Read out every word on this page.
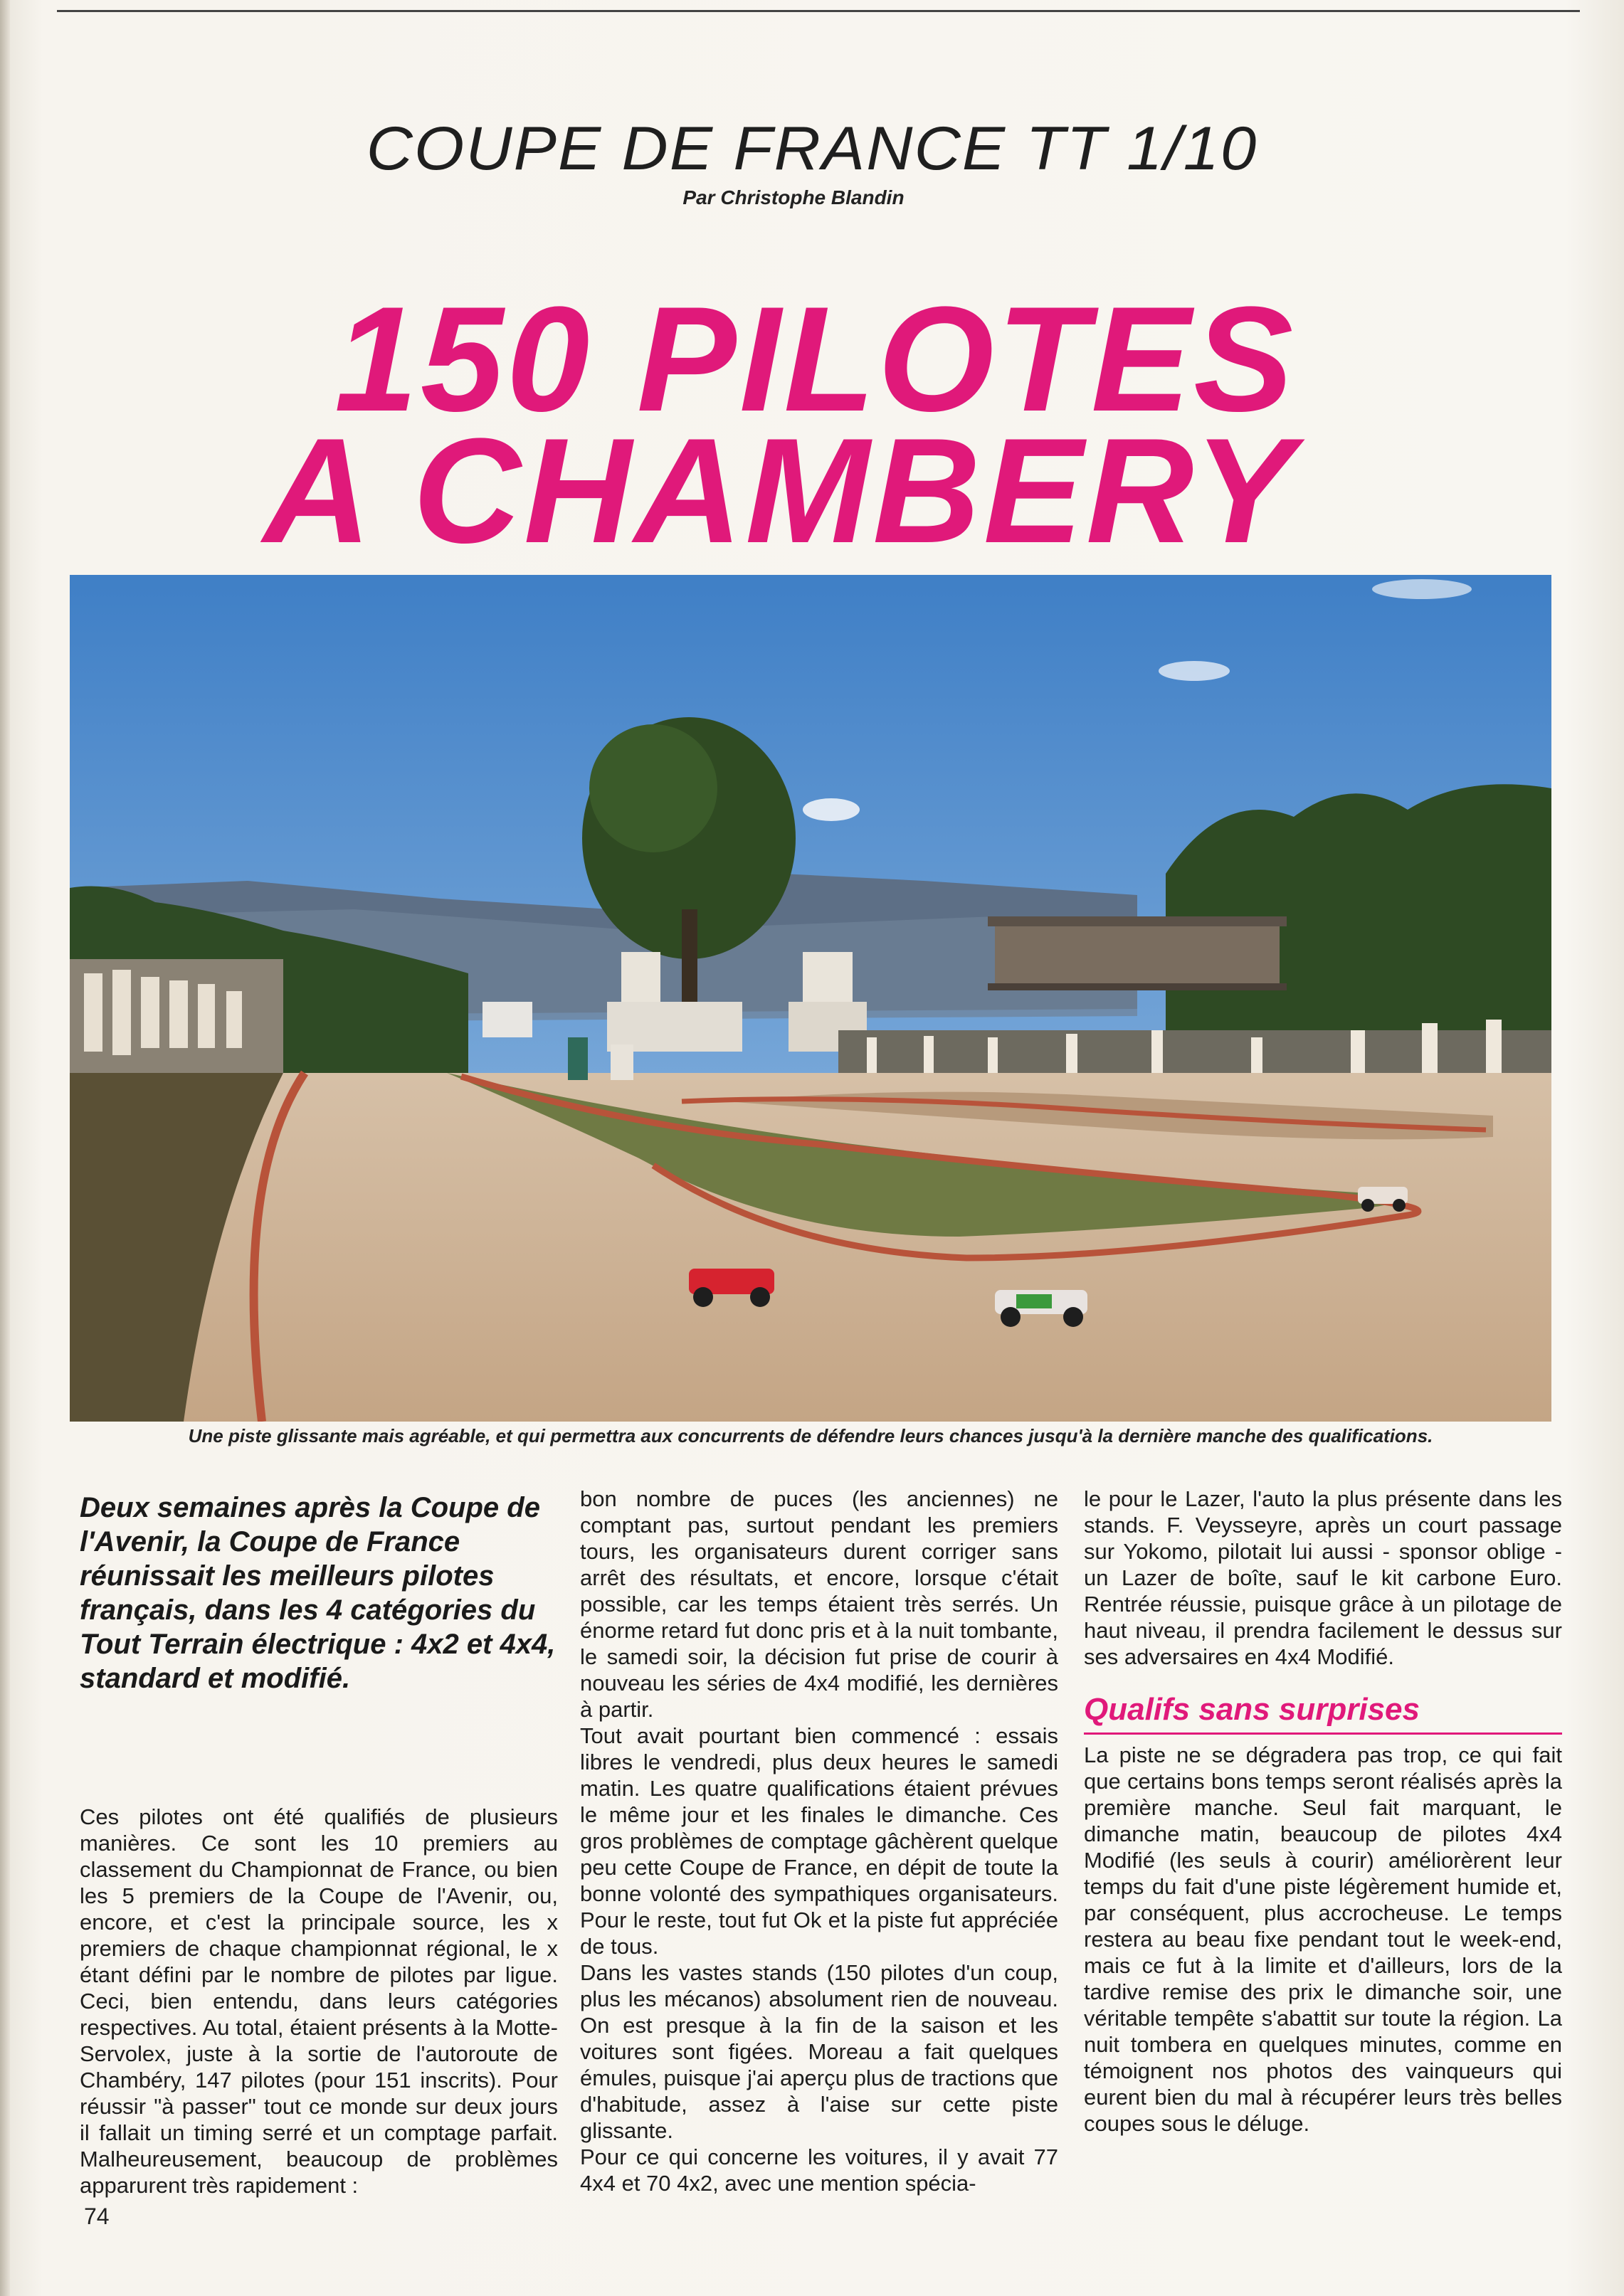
COUPE DE FRANCE TT 1/10
Par Christophe Blandin
150 PILOTES
A CHAMBERY
Une piste glissante mais agréable, et qui permettra aux concurrents de défendre leurs chances jusqu'à la dernière manche des qualifications.
Deux semaines après la Coupe de l'Avenir, la Coupe de France réunissait les meilleurs pilotes français, dans les 4 catégories du Tout Terrain électrique : 4x2 et 4x4, standard et modifié.

Ces pilotes ont été qualifiés de plusieurs manières. Ce sont les 10 premiers au classement du Championnat de France, ou bien les 5 premiers de la Coupe de l'Avenir, ou, encore, et c'est la principale source, les x premiers de chaque championnat régional, le x étant défini par le nombre de pilotes par ligue. Ceci, bien entendu, dans leurs catégories respectives. Au total, étaient présents à la Motte-Servolex, juste à la sortie de l'autoroute de Chambéry, 147 pilotes (pour 151 inscrits). Pour réussir "à passer" tout ce monde sur deux jours il fallait un timing serré et un comptage parfait. Malheureusement, beaucoup de problèmes apparurent très rapidement :

bon nombre de puces (les anciennes) ne comptant pas, surtout pendant les premiers tours, les organisateurs durent corriger sans arrêt des résultats, et encore, lorsque c'était possible, car les temps étaient très serrés. Un énorme retard fut donc pris et à la nuit tombante, le samedi soir, la décision fut prise de courir à nouveau les séries de 4x4 modifié, les dernières à partir.

Tout avait pourtant bien commencé : essais libres le vendredi, plus deux heures le samedi matin. Les quatre qualifications étaient prévues le même jour et les finales le dimanche. Ces gros problèmes de comptage gâchèrent quelque peu cette Coupe de France, en dépit de toute la bonne volonté des sympathiques organisateurs. Pour le reste, tout fut Ok et la piste fut appréciée de tous.

Dans les vastes stands (150 pilotes d'un coup, plus les mécanos) absolument rien de nouveau. On est presque à la fin de la saison et les voitures sont figées. Moreau a fait quelques émules, puisque j'ai aperçu plus de tractions que d'habitude, assez à l'aise sur cette piste glissante.

Pour ce qui concerne les voitures, il y avait 77 4x4 et 70 4x2, avec une mention spécia-

le pour le Lazer, l'auto la plus présente dans les stands. F. Veysseyre, après un court passage sur Yokomo, pilotait lui aussi - sponsor oblige - un Lazer de boîte, sauf le kit carbone Euro. Rentrée réussie, puisque grâce à un pilotage de haut niveau, il prendra facilement le dessus sur ses adversaires en 4x4 Modifié.

Qualifs sans surprises

La piste ne se dégradera pas trop, ce qui fait que certains bons temps seront réalisés après la première manche. Seul fait marquant, le dimanche matin, beaucoup de pilotes 4x4 Modifié (les seuls à courir) améliorèrent leur temps du fait d'une piste légèrement humide et, par conséquent, plus accrocheuse. Le temps restera au beau fixe pendant tout le week-end, mais ce fut à la limite et d'ailleurs, lors de la tardive remise des prix le dimanche soir, une véritable tempête s'abattit sur toute la région. La nuit tombera en quelques minutes, comme en témoignent nos photos des vainqueurs qui eurent bien du mal à récupérer leurs très belles coupes sous le déluge.

74
